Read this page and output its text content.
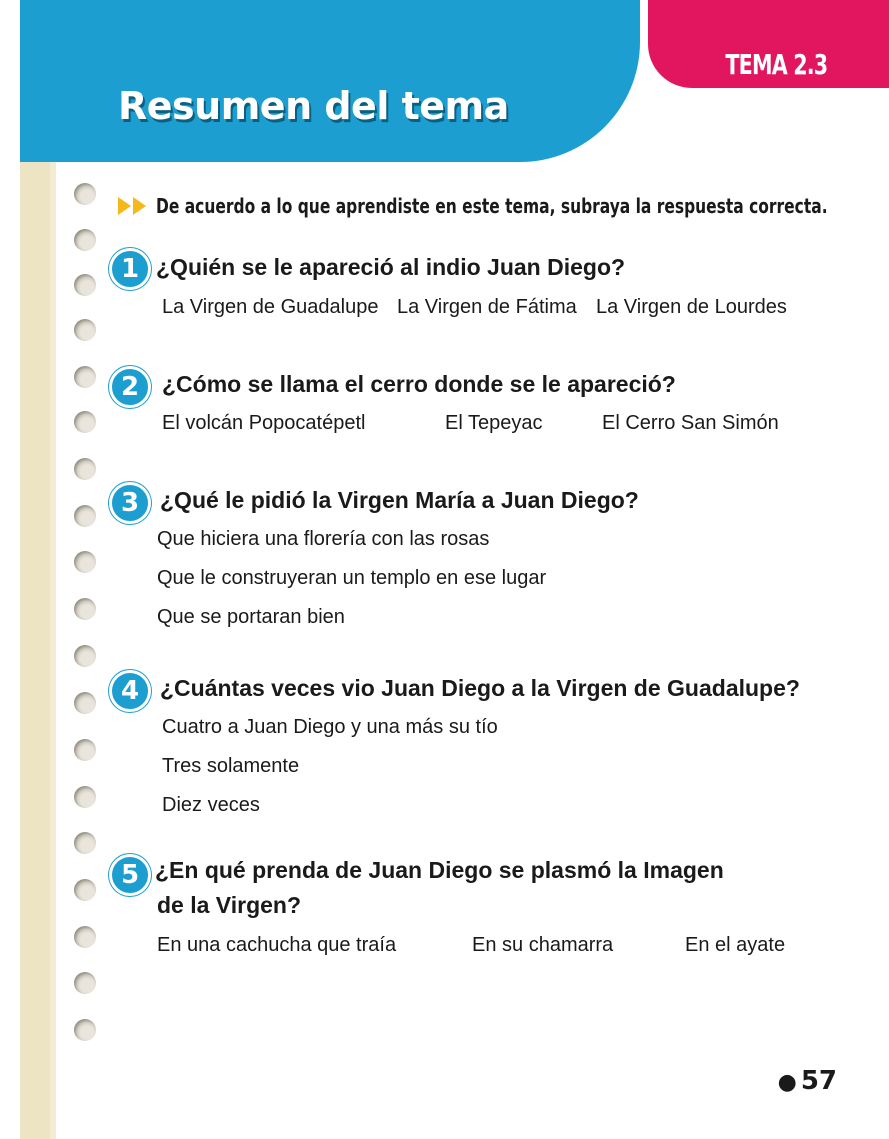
Resumen del tema
TEMA 2.3
De acuerdo a lo que aprendiste en este tema, subraya la respuesta correcta.
1 ¿Quién se le apareció al indio Juan Diego?

La Virgen de Guadalupe La Virgen de Fátima La Virgen de Lourdes
2 ¿Cómo se llama el cerro donde se le apareció?

El volcán Popocatépetl	El Tepeyac	El Cerro San Simón
3 ¿Qué le pidió la Virgen María a Juan Diego?

Que hiciera una florería con las rosas
Que le construyeran un templo en ese lugar
Que se portaran bien
4 ¿Cuántas veces vio Juan Diego a la Virgen de Guadalupe?

Cuatro a Juan Diego y una más su tío
Tres solamente
Diez veces
5 ¿En qué prenda de Juan Diego se plasmó la Imagen

de la Virgen?

En una cachucha que traía	En su chamarra	En el ayate
● 57
